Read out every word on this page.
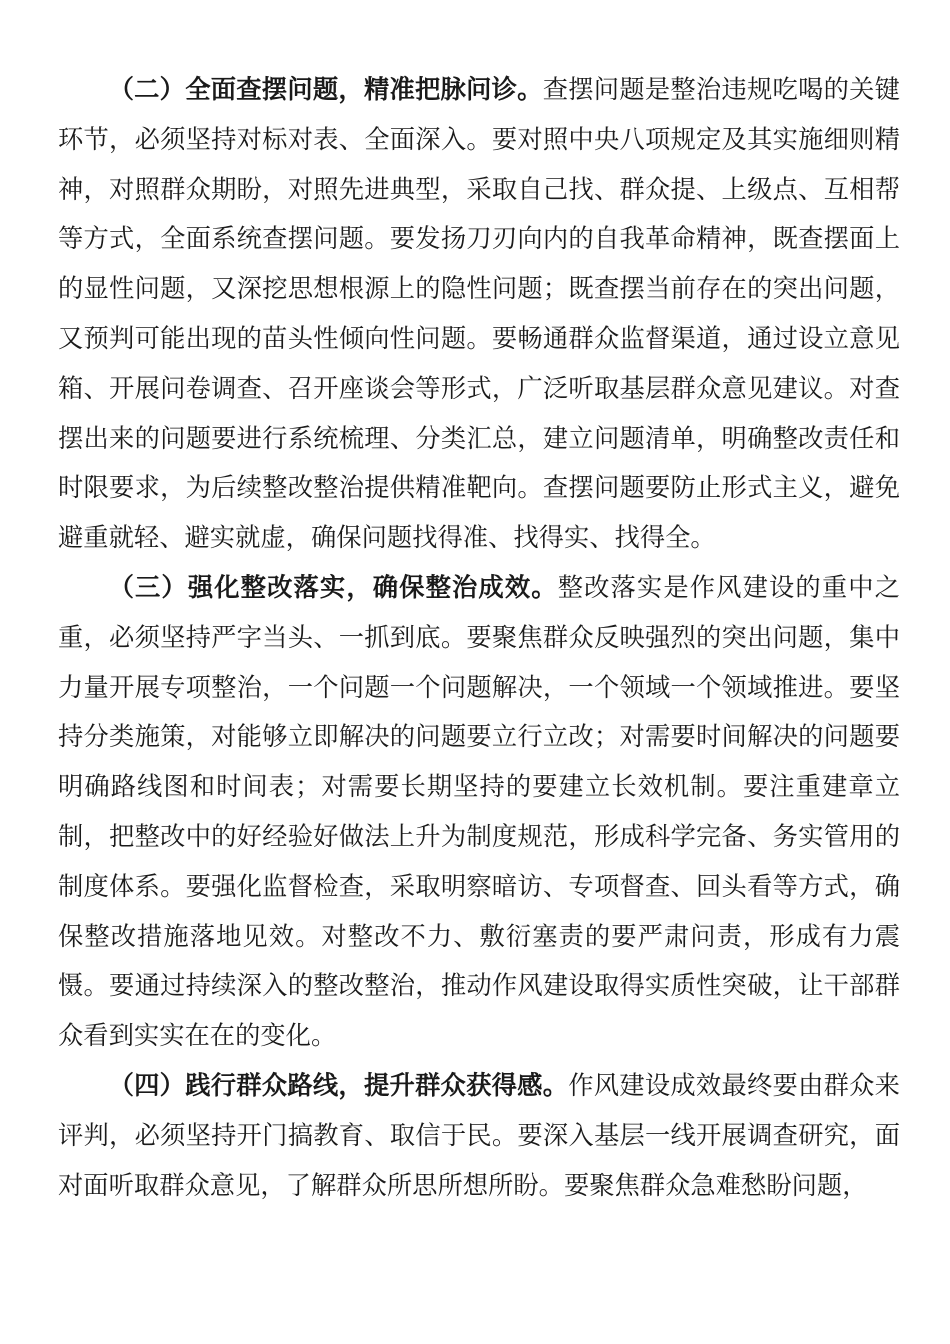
（二）全面查摆问题，精准把脉问诊。查摆问题是整治违规吃喝的关键环节，必须坚持对标对表、全面深入。要对照中央八项规定及其实施细则精神，对照群众期盼，对照先进典型，采取自己找、群众提、上级点、互相帮等方式，全面系统查摆问题。要发扬刀刃向内的自我革命精神，既查摆面上的显性问题，又深挖思想根源上的隐性问题；既查摆当前存在的突出问题，又预判可能出现的苗头性倾向性问题。要畅通群众监督渠道，通过设立意见箱、开展问卷调查、召开座谈会等形式，广泛听取基层群众意见建议。对查摆出来的问题要进行系统梳理、分类汇总，建立问题清单，明确整改责任和时限要求，为后续整改整治提供精准靶向。查摆问题要防止形式主义，避免避重就轻、避实就虚，确保问题找得准、找得实、找得全。

（三）强化整改落实，确保整治成效。整改落实是作风建设的重中之重，必须坚持严字当头、一抓到底。要聚焦群众反映强烈的突出问题，集中力量开展专项整治，一个问题一个问题解决，一个领域一个领域推进。要坚持分类施策，对能够立即解决的问题要立行立改；对需要时间解决的问题要明确路线图和时间表；对需要长期坚持的要建立长效机制。要注重建章立制，把整改中的好经验好做法上升为制度规范，形成科学完备、务实管用的制度体系。要强化监督检查，采取明察暗访、专项督查、回头看等方式，确保整改措施落地见效。对整改不力、敷衍塞责的要严肃问责，形成有力震慑。要通过持续深入的整改整治，推动作风建设取得实质性突破，让干部群众看到实实在在的变化。

（四）践行群众路线，提升群众获得感。作风建设成效最终要由群众来评判，必须坚持开门搞教育、取信于民。要深入基层一线开展调查研究，面对面听取群众意见，了解群众所思所想所盼。要聚焦群众急难愁盼问题，
